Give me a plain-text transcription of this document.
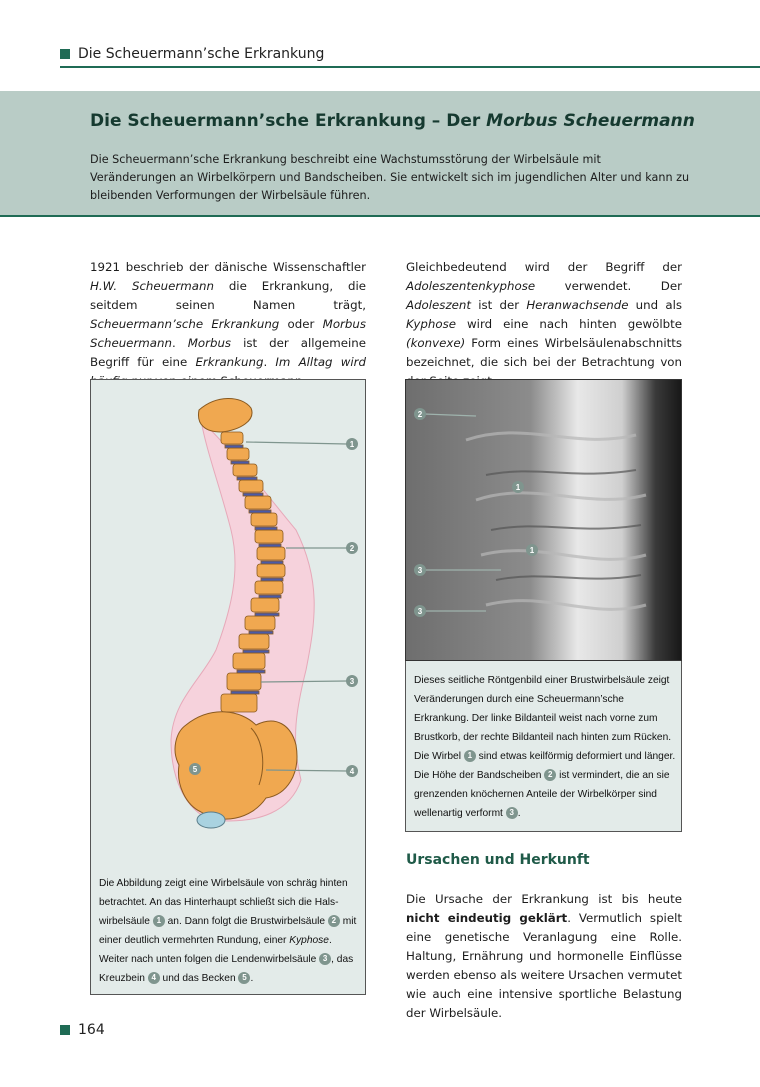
Die Scheuermann’sche Erkrankung
Die Scheuermann’sche Erkrankung – Der Morbus Scheuermann

Die Scheuermann’sche Erkrankung beschreibt eine Wachstumsstörung der Wirbelsäule mit Veränderungen an Wirbelkörpern und Bandscheiben. Sie entwickelt sich im jugendlichen Alter und kann zu bleibenden Verformungen der Wirbelsäule führen.

1921 beschrieb der dänische Wissenschaftler H.W. Scheuermann die Erkrankung, die seitdem seinen Namen trägt, Scheuermann’sche Erkrankung oder Morbus Scheuermann. Morbus ist der allgemeine Begriff für eine Erkrankung. Im Alltag wird
Gleichbedeutend wird der Begriff der Adoleszentenkyphose verwendet. Der Adoleszent ist der Heranwachsende und als Kyphose wird eine nach hinten gewölbte (konvexe) Form eines Wirbelsäulenabschnitts bezeichnet, die sich bei der Betrachtung von
1
2
3
4
5
Die Abbildung zeigt eine Wirbelsäule von schräg hinten betrachtet. An das Hinterhaupt schließt sich die Halswirbelsäule 1 an. Dann folgt die Brustwirbelsäule 2 mit einer deutlich vermehrten Rundung, einer Kyphose. Weiter nach unten folgen die Lendenwirbelsäule 3 , das Kreuzbein 4 und das Becken 5 .
2
1
1
3
3
Dieses seitliche Röntgenbild einer Brustwirbelsäule zeigt Veränderungen durch eine Scheuermann’sche Erkrankung. Der linke Bildanteil weist nach vorne zum Brustkorb, der rechte Bildanteil nach hinten zum Rücken. Die Wirbel 1 sind etwas keilförmig deformiert und länger. Die Höhe der Bandscheiben 2 ist vermindert, die an sie grenzenden knöchernen Anteile der Wirbelkörper sind wellenartig verformt 3 .
Ursachen und Herkunft
Die Ursache der Erkrankung ist bis heute nicht eindeutig geklärt. Vermutlich spielt eine genetische Veranlagung eine Rolle. Haltung, Ernährung und hormonelle Einflüsse werden ebenso als weitere Ursachen vermutet wie auch eine intensive sportliche Belastung der Wirbelsäule.
164
